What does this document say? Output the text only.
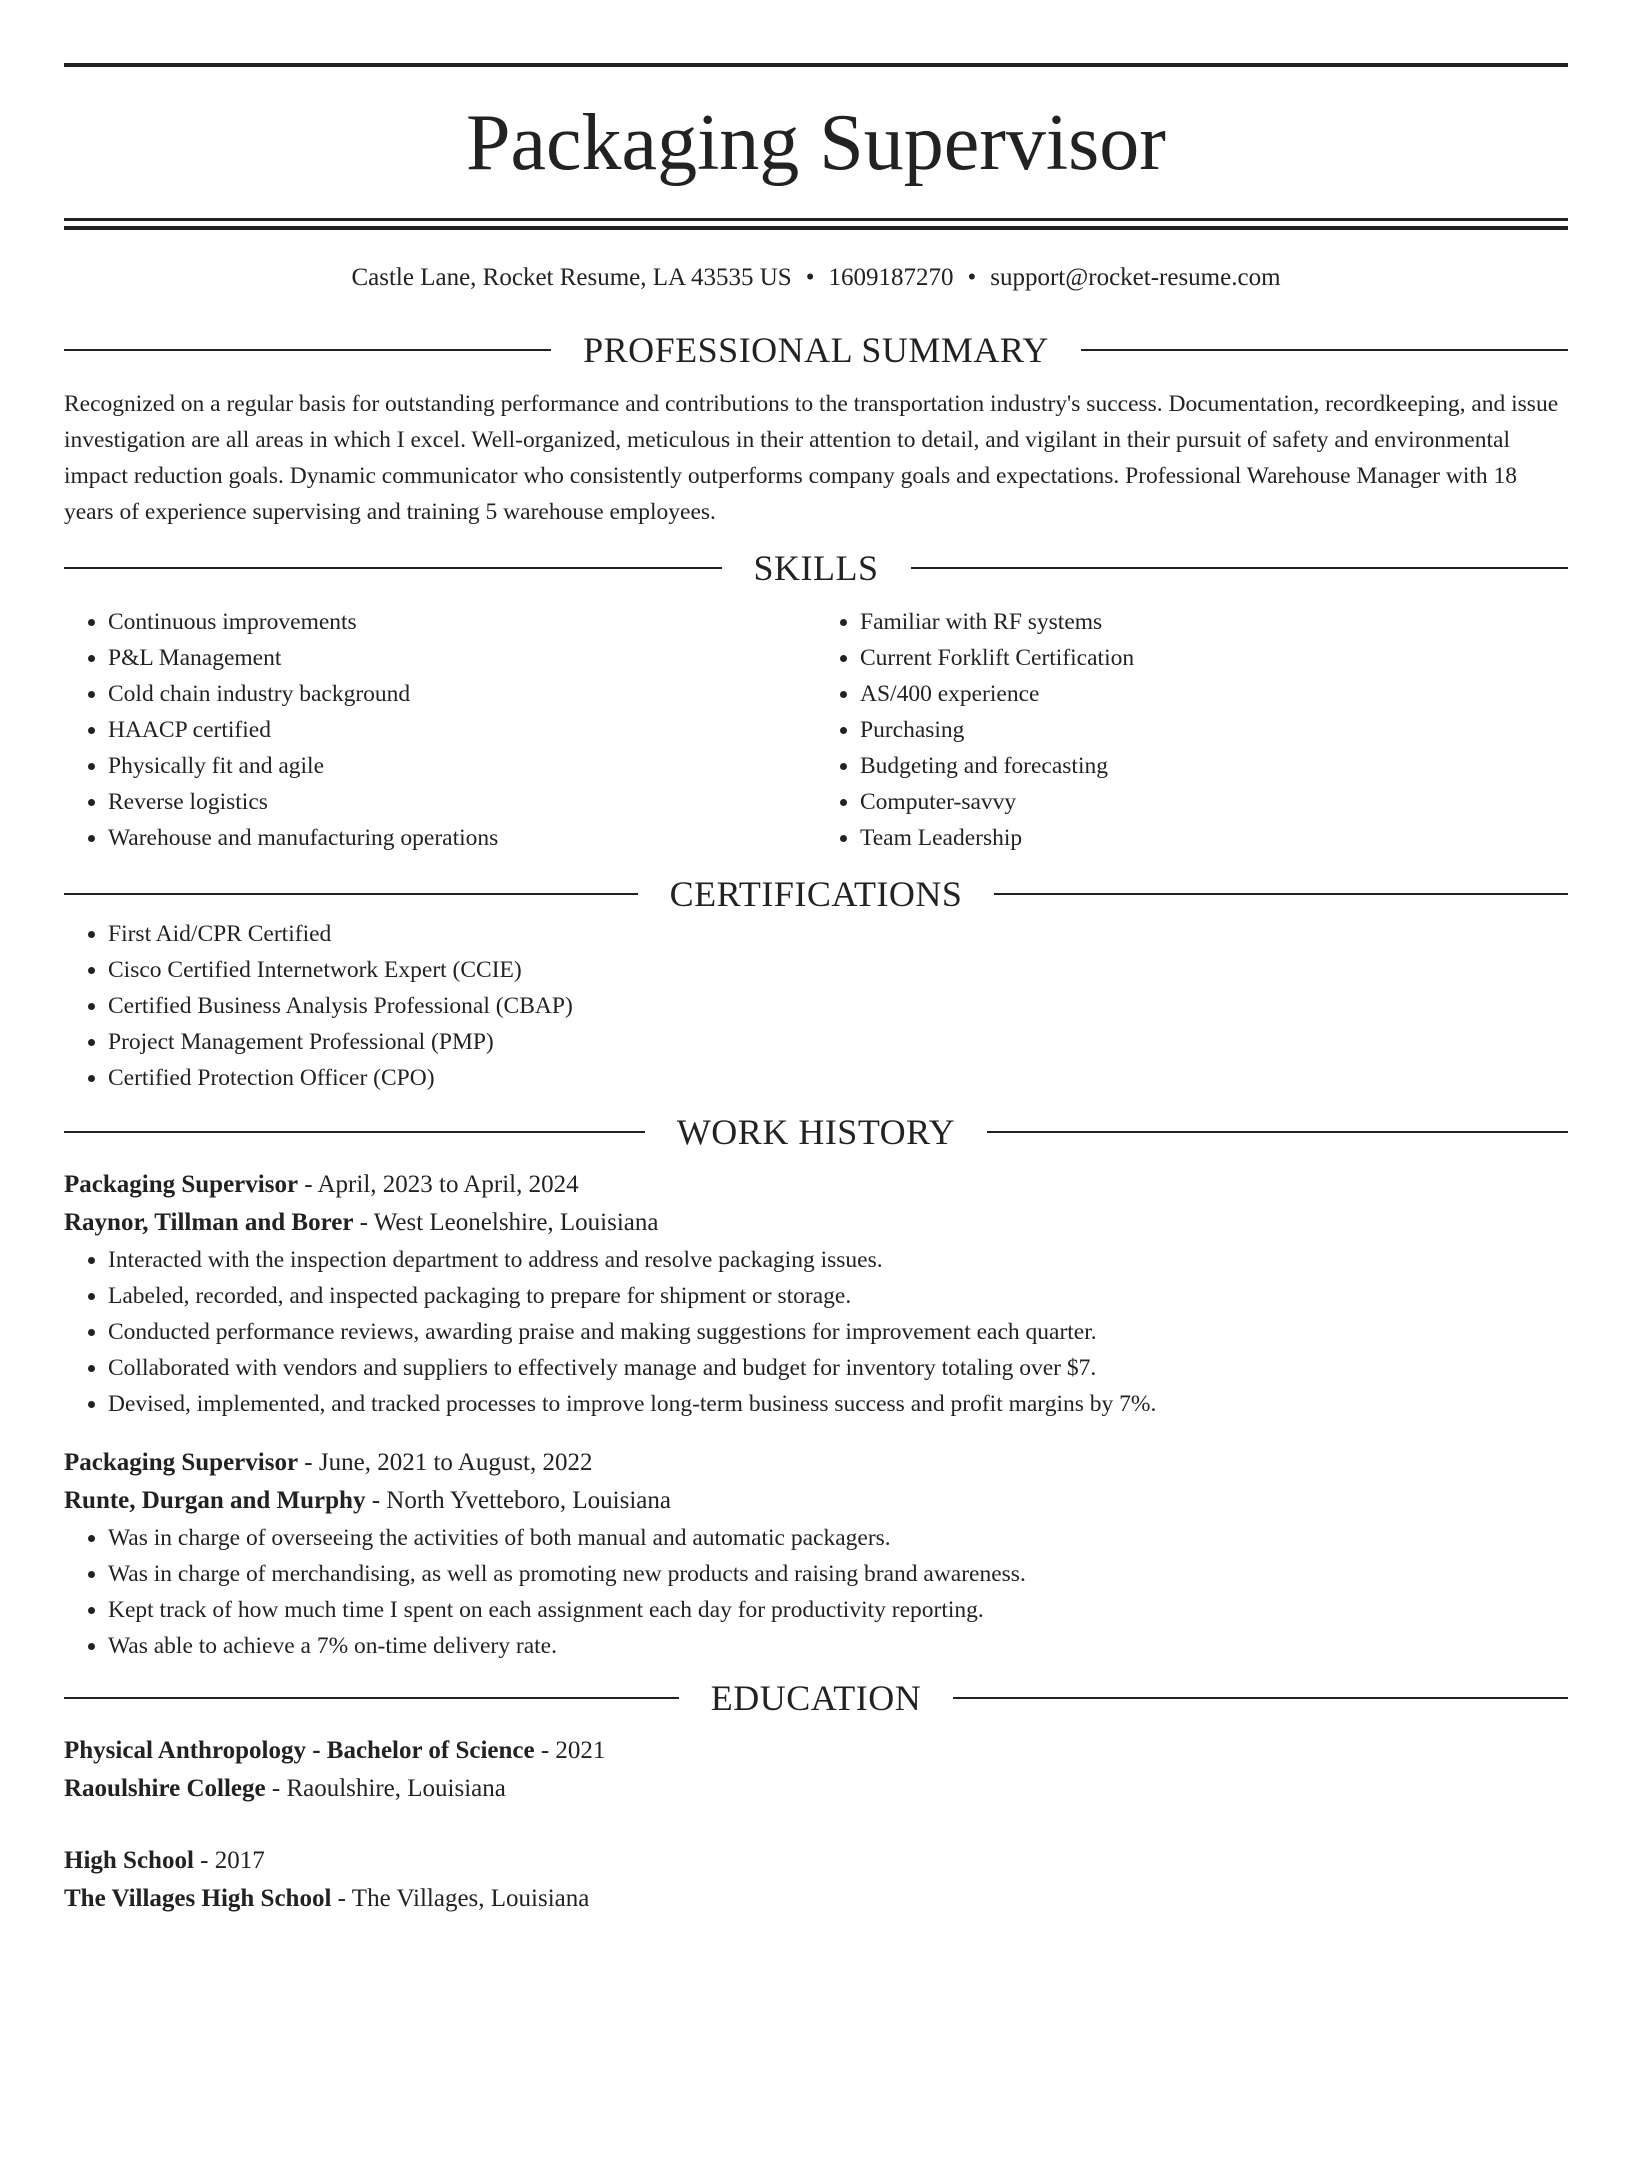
Packaging Supervisor
Castle Lane, Rocket Resume, LA 43535 US • 1609187270 • support@rocket-resume.com
PROFESSIONAL SUMMARY

Recognized on a regular basis for outstanding performance and contributions to the transportation industry's success. Documentation, recordkeeping, and issue investigation are all areas in which I excel. Well-organized, meticulous in their attention to detail, and vigilant in their pursuit of safety and environmental impact reduction goals. Dynamic communicator who consistently outperforms company goals and expectations. Professional Warehouse Manager with 18 years of experience supervising and training 5 warehouse employees.

SKILLS
• Continuous improvements
• P&L Management
• Cold chain industry background
• HAACP certified
• Physically fit and agile
• Reverse logistics
• Warehouse and manufacturing operations
• Familiar with RF systems
• Current Forklift Certification
• AS/400 experience
• Purchasing
• Budgeting and forecasting
• Computer-savvy
• Team Leadership
CERTIFICATIONS
• First Aid/CPR Certified
• Cisco Certified Internetwork Expert (CCIE)
• Certified Business Analysis Professional (CBAP)
• Project Management Professional (PMP)
• Certified Protection Officer (CPO)
WORK HISTORY
Packaging Supervisor - April, 2023 to April, 2024
Raynor, Tillman and Borer - West Leonelshire, Louisiana
• Interacted with the inspection department to address and resolve packaging issues.
• Labeled, recorded, and inspected packaging to prepare for shipment or storage.
• Conducted performance reviews, awarding praise and making suggestions for improvement each quarter.
• Collaborated with vendors and suppliers to effectively manage and budget for inventory totaling over $7.
• Devised, implemented, and tracked processes to improve long-term business success and profit margins by 7%.
Packaging Supervisor - June, 2021 to August, 2022
Runte, Durgan and Murphy - North Yvetteboro, Louisiana
• Was in charge of overseeing the activities of both manual and automatic packagers.
• Was in charge of merchandising, as well as promoting new products and raising brand awareness.
• Kept track of how much time I spent on each assignment each day for productivity reporting.
• Was able to achieve a 7% on-time delivery rate.
EDUCATION
Physical Anthropology - Bachelor of Science - 2021
Raoulshire College - Raoulshire, Louisiana
High School - 2017
The Villages High School - The Villages, Louisiana
